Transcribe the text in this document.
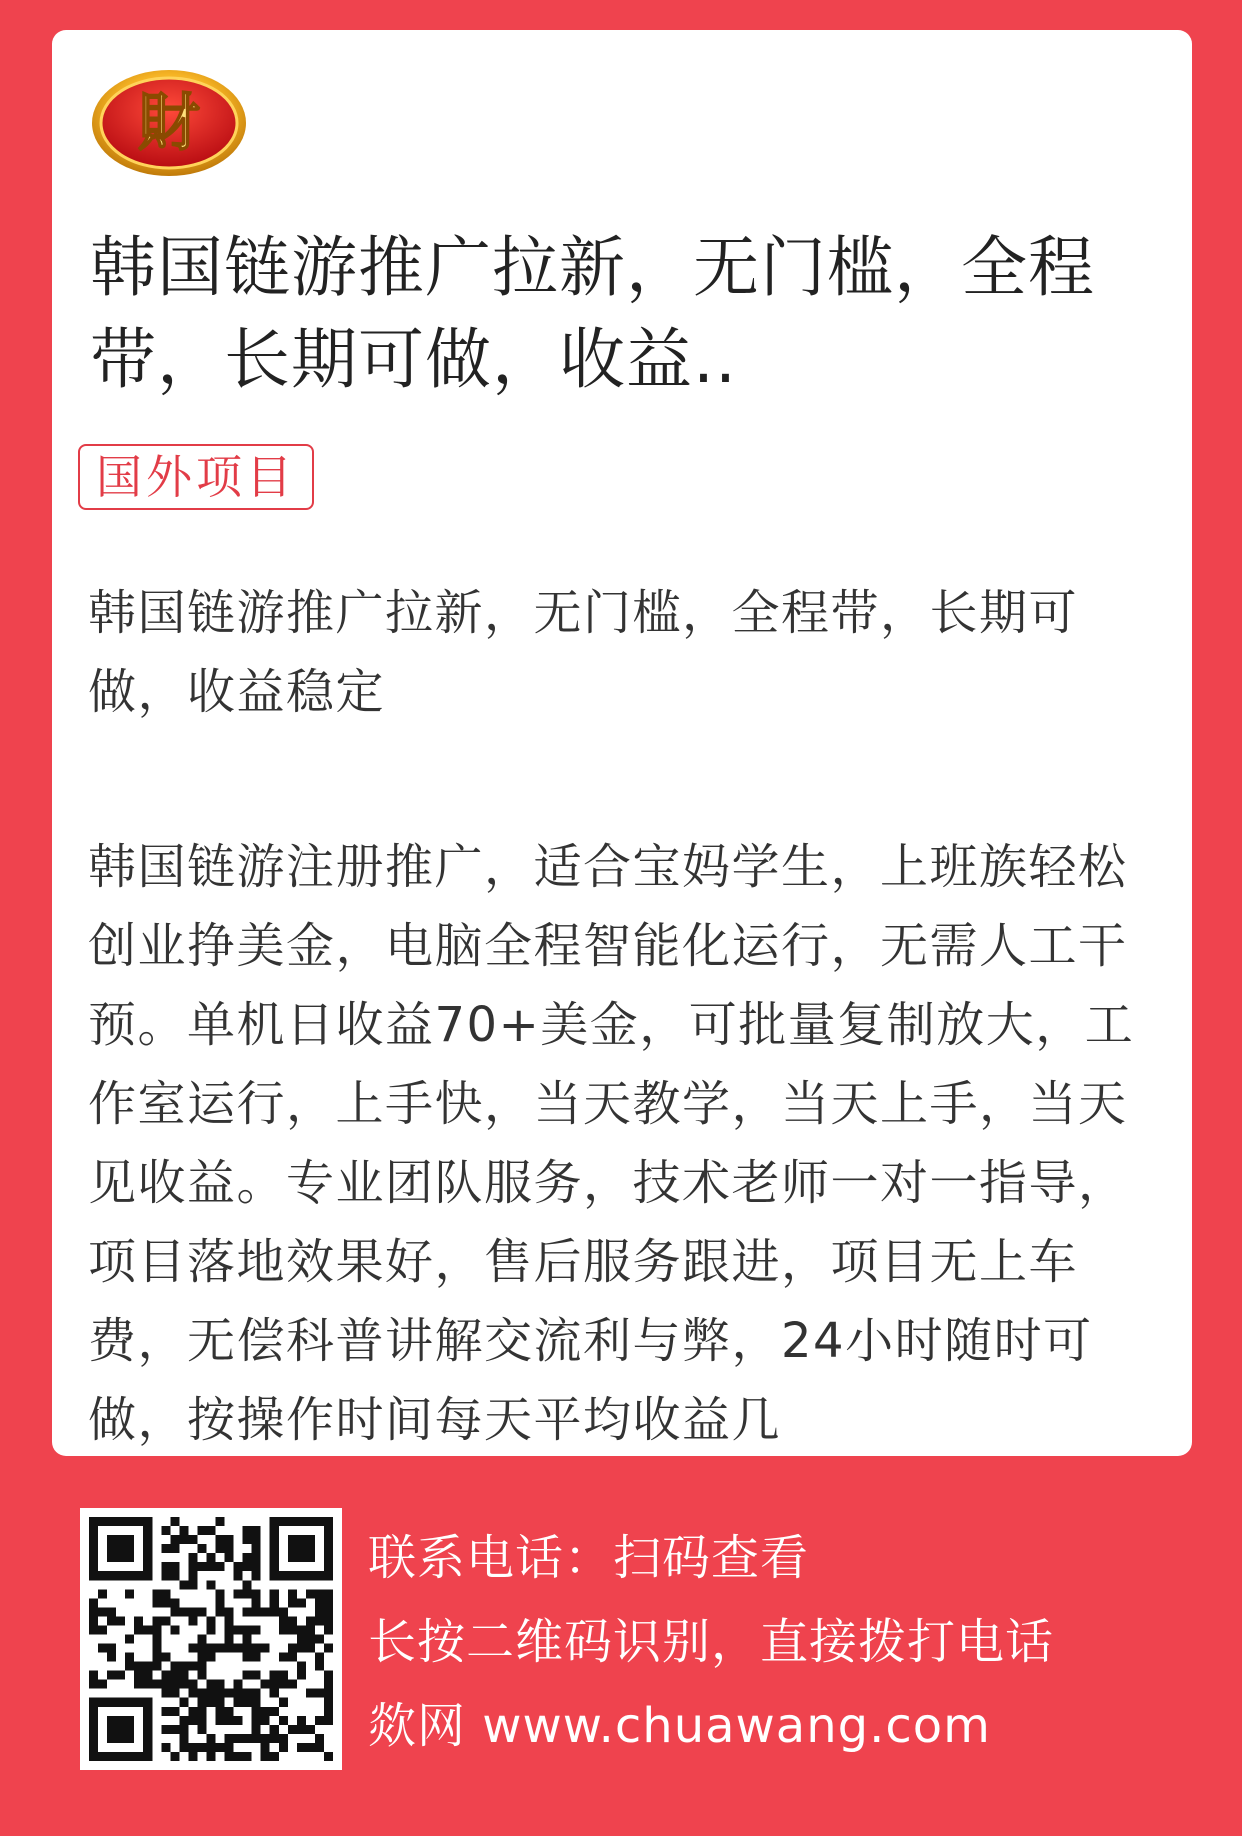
財
韩国链游推广拉新，无门槛，全程带，长期可做，收益..
国外项目

韩国链游推广拉新，无门槛，全程带，长期可做，收益稳定

韩国链游注册推广，适合宝妈学生，上班族轻松创业挣美金，电脑全程智能化运行，无需人工干预。单机日收益70+美金，可批量复制放大，工作室运行，上手快，当天教学，当天上手，当天见收益。专业团队服务，技术老师一对一指导，项目落地效果好，售后服务跟进，项目无上车费，无偿科普讲解交流利与弊，24小时随时可做，按操作时间每天平均收益几

联系电话：扫码查看
长按二维码识别，直接拨打电话
欻网 www.chuawang.com
